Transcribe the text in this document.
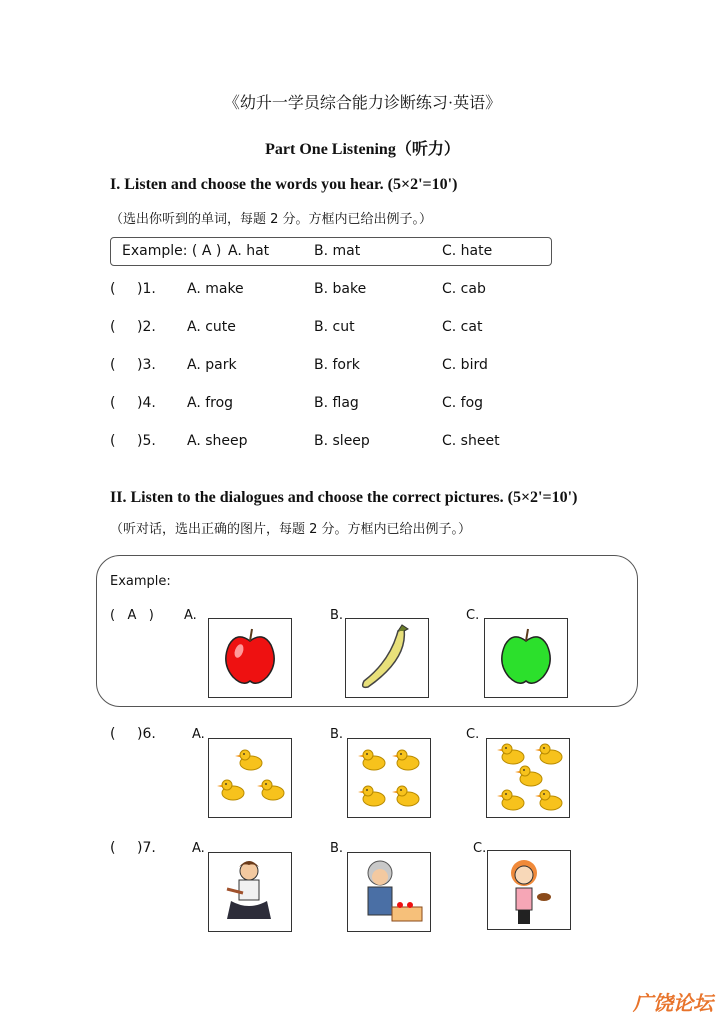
《幼升一学员综合能力诊断练习·英语》
Part One Listening（听力）
I. Listen and choose the words you hear. (5×2'=10')
（选出你听到的单词，每题 2 分。方框内已给出例子。）
Example: ( A ) A. hat	B. mat	C. hate
( )1. A. make	B. bake	C. cab
( )2. A. cute	B. cut	C. cat
( )3. A. park	B. fork	C. bird
( )4. A. frog	B. flag	C. fog
( )5. A. sheep	B. sleep	C. sheet
II. Listen to the dialogues and choose the correct pictures. (5×2'=10')
（听对话，选出正确的图片，每题 2 分。方框内已给出例子。）
Example:
(   A   ) A.	B.	C.
( )6.	A.	B.	C.
( )7.	A.	B.	C.
广饶论坛
